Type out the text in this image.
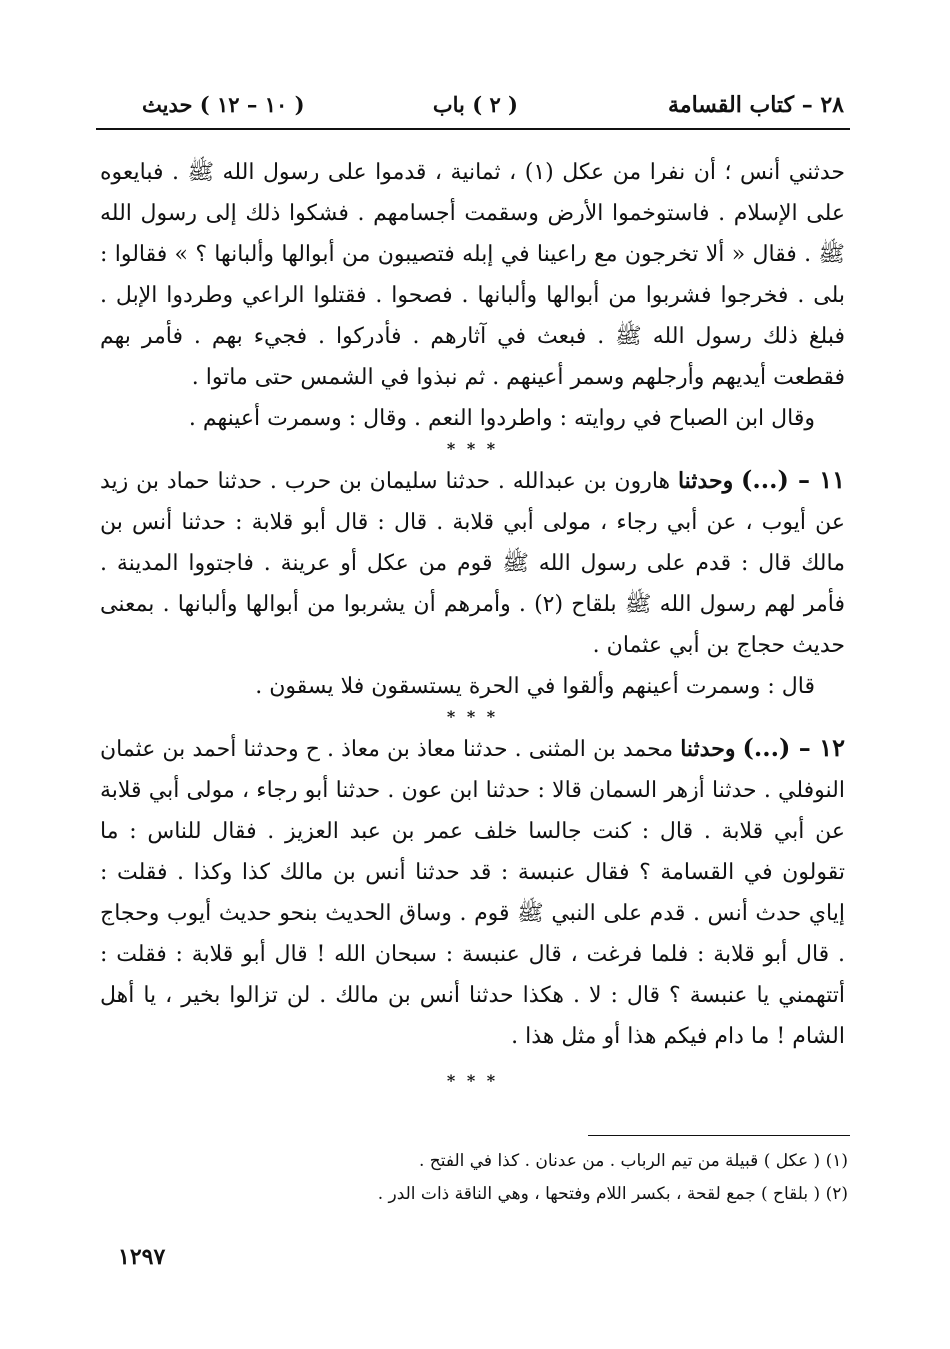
٢٨ – كتاب القسامة
( ٢ ) باب
( ١٠ – ١٢ ) حديث

حدثني أنس ؛ أن نفرا من عكل (١) ، ثمانية ، قدموا على رسول الله ﷺ . فبايعوه على الإسلام . فاستوخموا الأرض وسقمت أجسامهم . فشكوا ذلك إلى رسول الله ﷺ . فقال « ألا تخرجون مع راعينا في إبله فتصيبون من أبوالها وألبانها ؟ » فقالوا : بلى . فخرجوا فشربوا من أبوالها وألبانها . فصحوا . فقتلوا الراعي وطردوا الإبل . فبلغ ذلك رسول الله ﷺ . فبعث في آثارهم . فأدركوا . فجيء بهم . فأمر بهم فقطعت أيديهم وأرجلهم وسمر أعينهم . ثم نبذوا في الشمس حتى ماتوا .

وقال ابن الصباح في روايته : واطردوا النعم . وقال : وسمرت أعينهم .

* * *

١١ – (...) وحدثنا هارون بن عبدالله . حدثنا سليمان بن حرب . حدثنا حماد بن زيد عن أيوب ، عن أبي رجاء ، مولى أبي قلابة . قال : قال أبو قلابة : حدثنا أنس بن مالك قال : قدم على رسول الله ﷺ قوم من عكل أو عرينة . فاجتووا المدينة . فأمر لهم رسول الله ﷺ بلقاح (٢) . وأمرهم أن يشربوا من أبوالها وألبانها . بمعنى حديث حجاج بن أبي عثمان .

قال : وسمرت أعينهم وألقوا في الحرة يستسقون فلا يسقون .

* * *

١٢ – (...) وحدثنا محمد بن المثنى . حدثنا معاذ بن معاذ . ح وحدثنا أحمد بن عثمان النوفلي . حدثنا أزهر السمان قالا : حدثنا ابن عون . حدثنا أبو رجاء ، مولى أبي قلابة عن أبي قلابة . قال : كنت جالسا خلف عمر بن عبد العزيز . فقال للناس : ما تقولون في القسامة ؟ فقال عنبسة : قد حدثنا أنس بن مالك كذا وكذا . فقلت : إياي حدث أنس . قدم على النبي ﷺ قوم . وساق الحديث بنحو حديث أيوب وحجاج . قال أبو قلابة : فلما فرغت ، قال عنبسة : سبحان الله ! قال أبو قلابة : فقلت : أتتهمني يا عنبسة ؟ قال : لا . هكذا حدثنا أنس بن مالك . لن تزالوا بخير ، يا أهل الشام ! ما دام فيكم هذا أو مثل هذا .

* * *

(١) ( عكل ) قبيلة من تيم الرباب . من عدنان . كذا في الفتح .

(٢) ( بلقاح ) جمع لقحة ، بكسر اللام وفتحها ، وهي الناقة ذات الدر .

١٢٩٧
